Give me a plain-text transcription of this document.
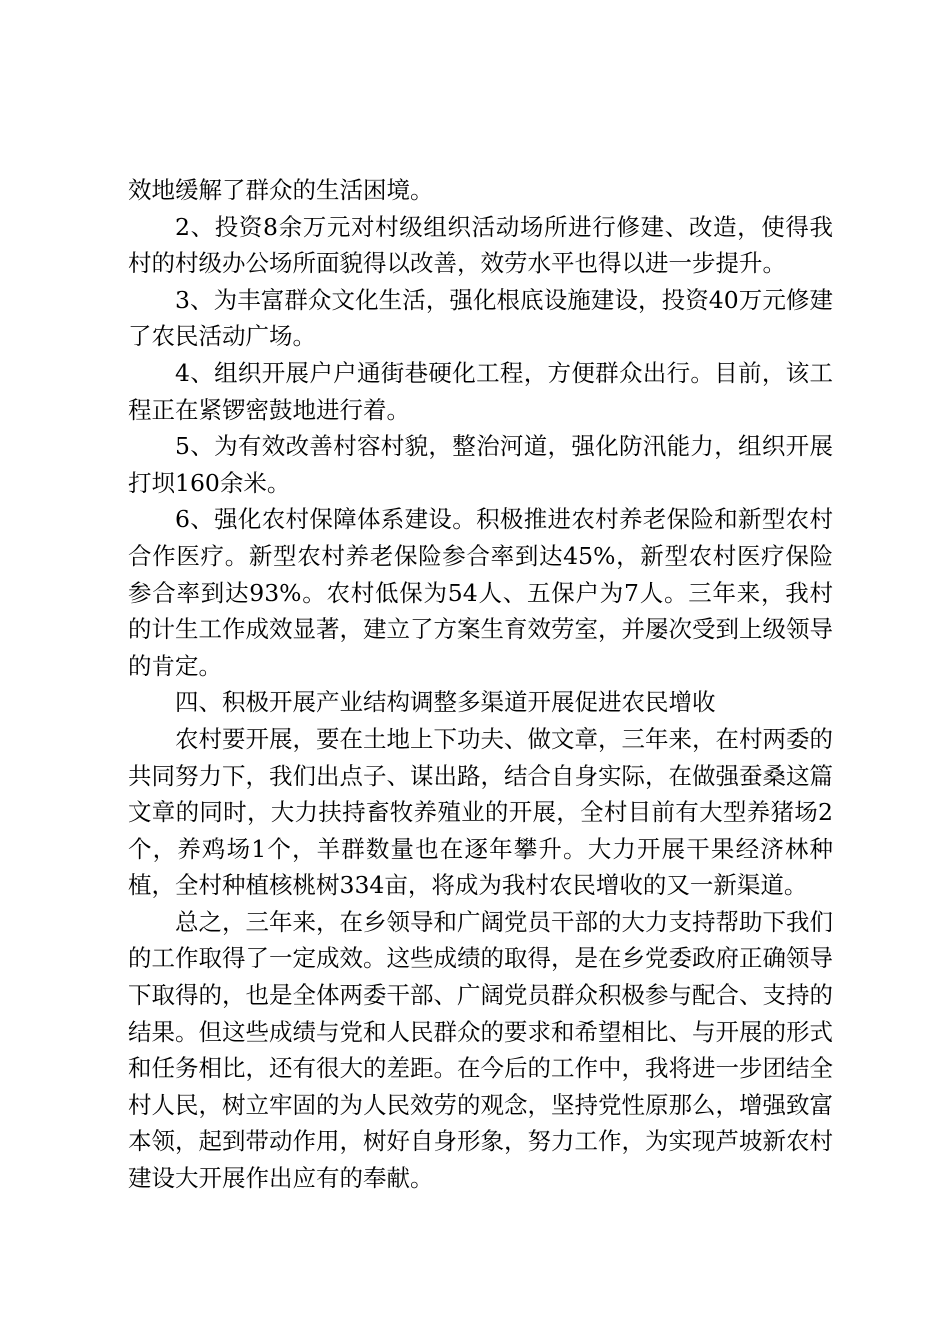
效地缓解了群众的生活困境。

2、投资8余万元对村级组织活动场所进行修建、改造，使得我村的村级办公场所面貌得以改善，效劳水平也得以进一步提升。

3、为丰富群众文化生活，强化根底设施建设，投资40万元修建了农民活动广场。

4、组织开展户户通街巷硬化工程，方便群众出行。目前，该工程正在紧锣密鼓地进行着。

5、为有效改善村容村貌，整治河道，强化防汛能力，组织开展打坝160余米。

6、强化农村保障体系建设。积极推进农村养老保险和新型农村合作医疗。新型农村养老保险参合率到达45%，新型农村医疗保险参合率到达93%。农村低保为54人、五保户为7人。三年来，我村的计生工作成效显著，建立了方案生育效劳室，并屡次受到上级领导的肯定。

四、积极开展产业结构调整多渠道开展促进农民增收

农村要开展，要在土地上下功夫、做文章，三年来，在村两委的共同努力下，我们出点子、谋出路，结合自身实际，在做强蚕桑这篇文章的同时，大力扶持畜牧养殖业的开展，全村目前有大型养猪场2个，养鸡场1个，羊群数量也在逐年攀升。大力开展干果经济林种植，全村种植核桃树334亩，将成为我村农民增收的又一新渠道。

总之，三年来，在乡领导和广阔党员干部的大力支持帮助下我们的工作取得了一定成效。这些成绩的取得，是在乡党委政府正确领导下取得的，也是全体两委干部、广阔党员群众积极参与配合、支持的结果。但这些成绩与党和人民群众的要求和希望相比、与开展的形式和任务相比，还有很大的差距。在今后的工作中，我将进一步团结全村人民，树立牢固的为人民效劳的观念，坚持党性原那么，增强致富本领，起到带动作用，树好自身形象，努力工作，为实现芦坡新农村建设大开展作出应有的奉献。
